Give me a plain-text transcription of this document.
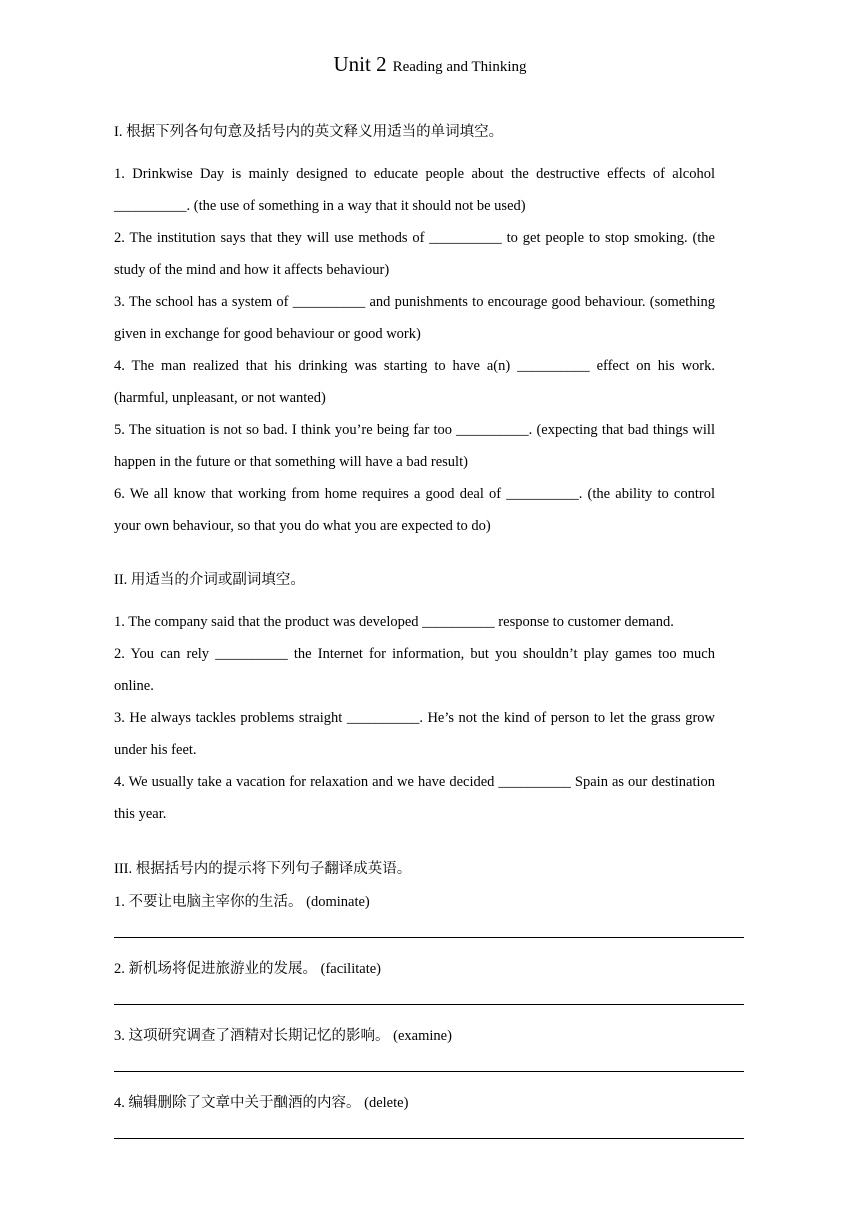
Unit 2 Reading and Thinking
I. 根据下列各句句意及括号内的英文释义用适当的单词填空。
1. Drinkwise Day is mainly designed to educate people about the destructive effects of alcohol __________. (the use of something in a way that it should not be used)
2. The institution says that they will use methods of __________ to get people to stop smoking. (the study of the mind and how it affects behaviour)
3. The school has a system of __________ and punishments to encourage good behaviour. (something given in exchange for good behaviour or good work)
4. The man realized that his drinking was starting to have a(n) __________ effect on his work. (harmful, unpleasant, or not wanted)
5. The situation is not so bad. I think you’re being far too __________. (expecting that bad things will happen in the future or that something will have a bad result)
6. We all know that working from home requires a good deal of __________. (the ability to control your own behaviour, so that you do what you are expected to do)
II. 用适当的介词或副词填空。
1. The company said that the product was developed __________ response to customer demand.
2. You can rely __________ the Internet for information, but you shouldn’t play games too much online.
3. He always tackles problems straight __________. He’s not the kind of person to let the grass grow under his feet.
4. We usually take a vacation for relaxation and we have decided __________ Spain as our destination this year.
III. 根据括号内的提示将下列句子翻译成英语。
1. 不要让电脑主宰你的生活。 (dominate)
2. 新机场将促进旅游业的发展。 (facilitate)
3. 这项研究调查了酒精对长期记忆的影响。 (examine)
4. 编辑删除了文章中关于酗酒的内容。 (delete)
